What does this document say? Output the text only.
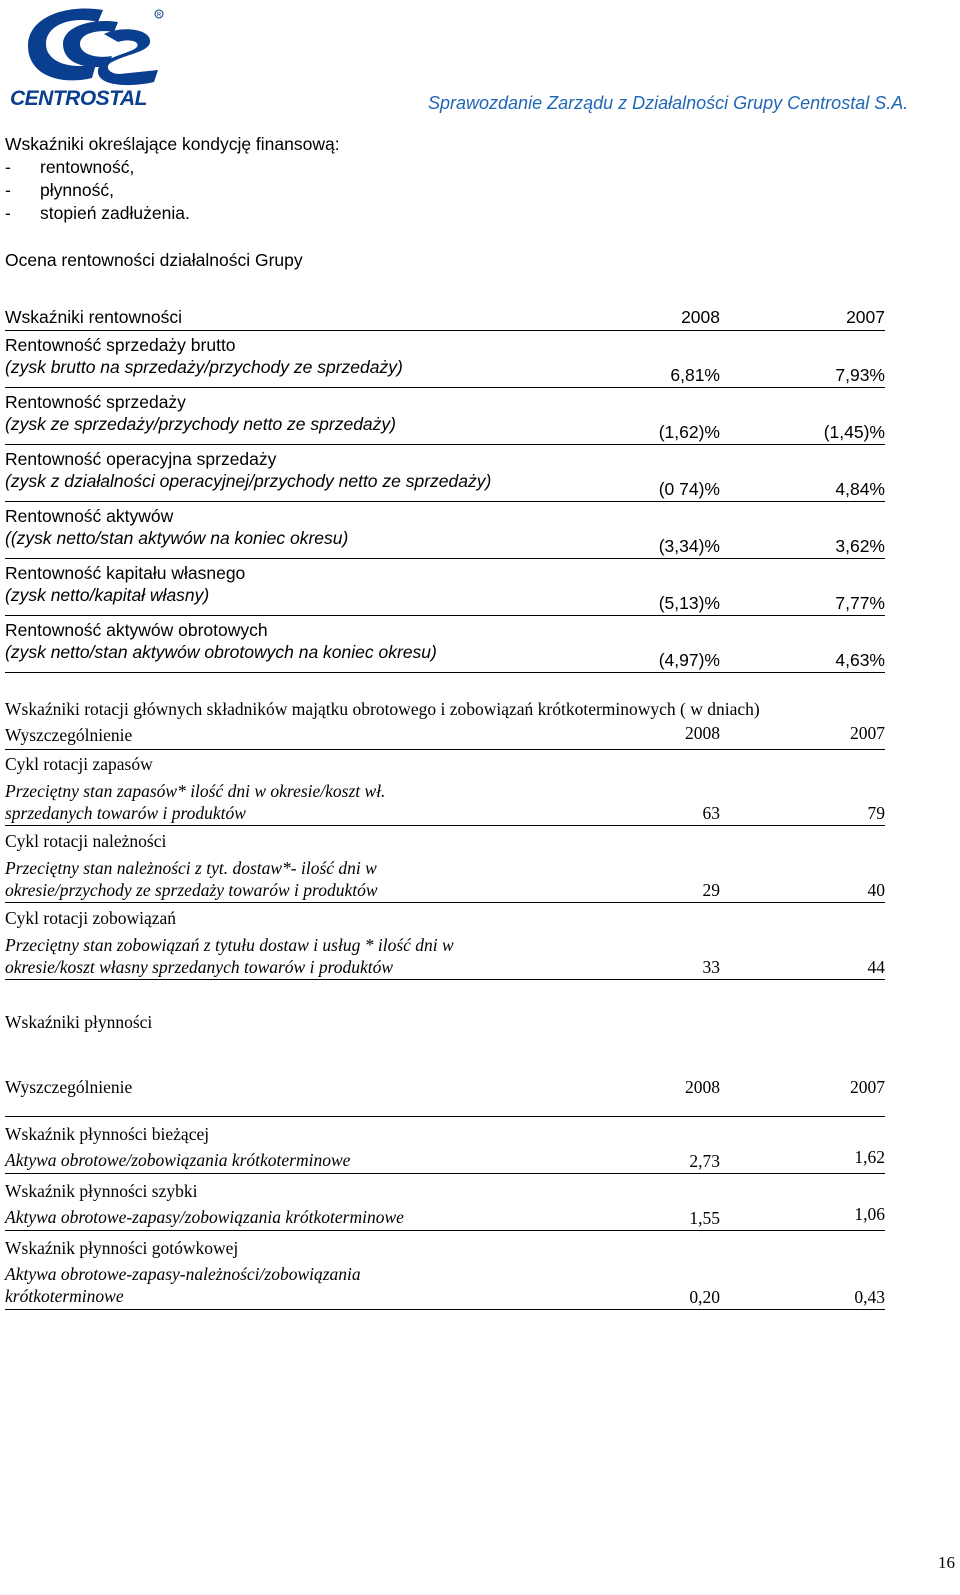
R
CENTROSTAL	Sprawozdanie Zarządu z Działalności Grupy Centrostal S.A.
Wskaźniki określające kondycję finansową:
- rentowność,
- płynność,
- stopień zadłużenia.
Ocena rentowności działalności Grupy
Wskaźniki rentowności	2008	2007
Rentowność sprzedaży brutto
(zysk brutto na sprzedaży/przychody ze sprzedaży)	6,81%	7,93%
Rentowność sprzedaży
(zysk ze sprzedaży/przychody netto ze sprzedaży)	(1,62)%	(1,45)%
Rentowność operacyjna sprzedaży
(zysk z działalności operacyjnej/przychody netto ze sprzedaży)	(0 74)%	4,84%
Rentowność aktywów
((zysk netto/stan aktywów na koniec okresu)	(3,34)%	3,62%
Rentowność kapitału własnego
(zysk netto/kapitał własny)	(5,13)%	7,77%
Rentowność aktywów obrotowych
(zysk netto/stan aktywów obrotowych na koniec okresu)	(4,97)%	4,63%
Wskaźniki rotacji głównych składników majątku obrotowego i zobowiązań krótkoterminowych ( w dniach)
Wyszczególnienie	2008	2007
Cykl rotacji zapasów
Przeciętny stan zapasów* ilość dni w okresie/koszt wł.
sprzedanych towarów i produktów	63	79
Cykl rotacji należności
Przeciętny stan należności z tyt. dostaw*- ilość dni w
okresie/przychody ze sprzedaży towarów i produktów	29	40
Cykl rotacji zobowiązań
Przeciętny stan zobowiązań z tytułu dostaw i usług * ilość dni w
okresie/koszt własny sprzedanych towarów i produktów	33	44
Wskaźniki płynności
Wyszczególnienie	2008	2007
Wskaźnik płynności bieżącej
Aktywa obrotowe/zobowiązania krótkoterminowe	2,73	1,62
Wskaźnik płynności szybki
Aktywa obrotowe-zapasy/zobowiązania krótkoterminowe	1,55	1,06
Wskaźnik płynności gotówkowej
Aktywa obrotowe-zapasy-należności/zobowiązania
krótkoterminowe	0,20	0,43
16
